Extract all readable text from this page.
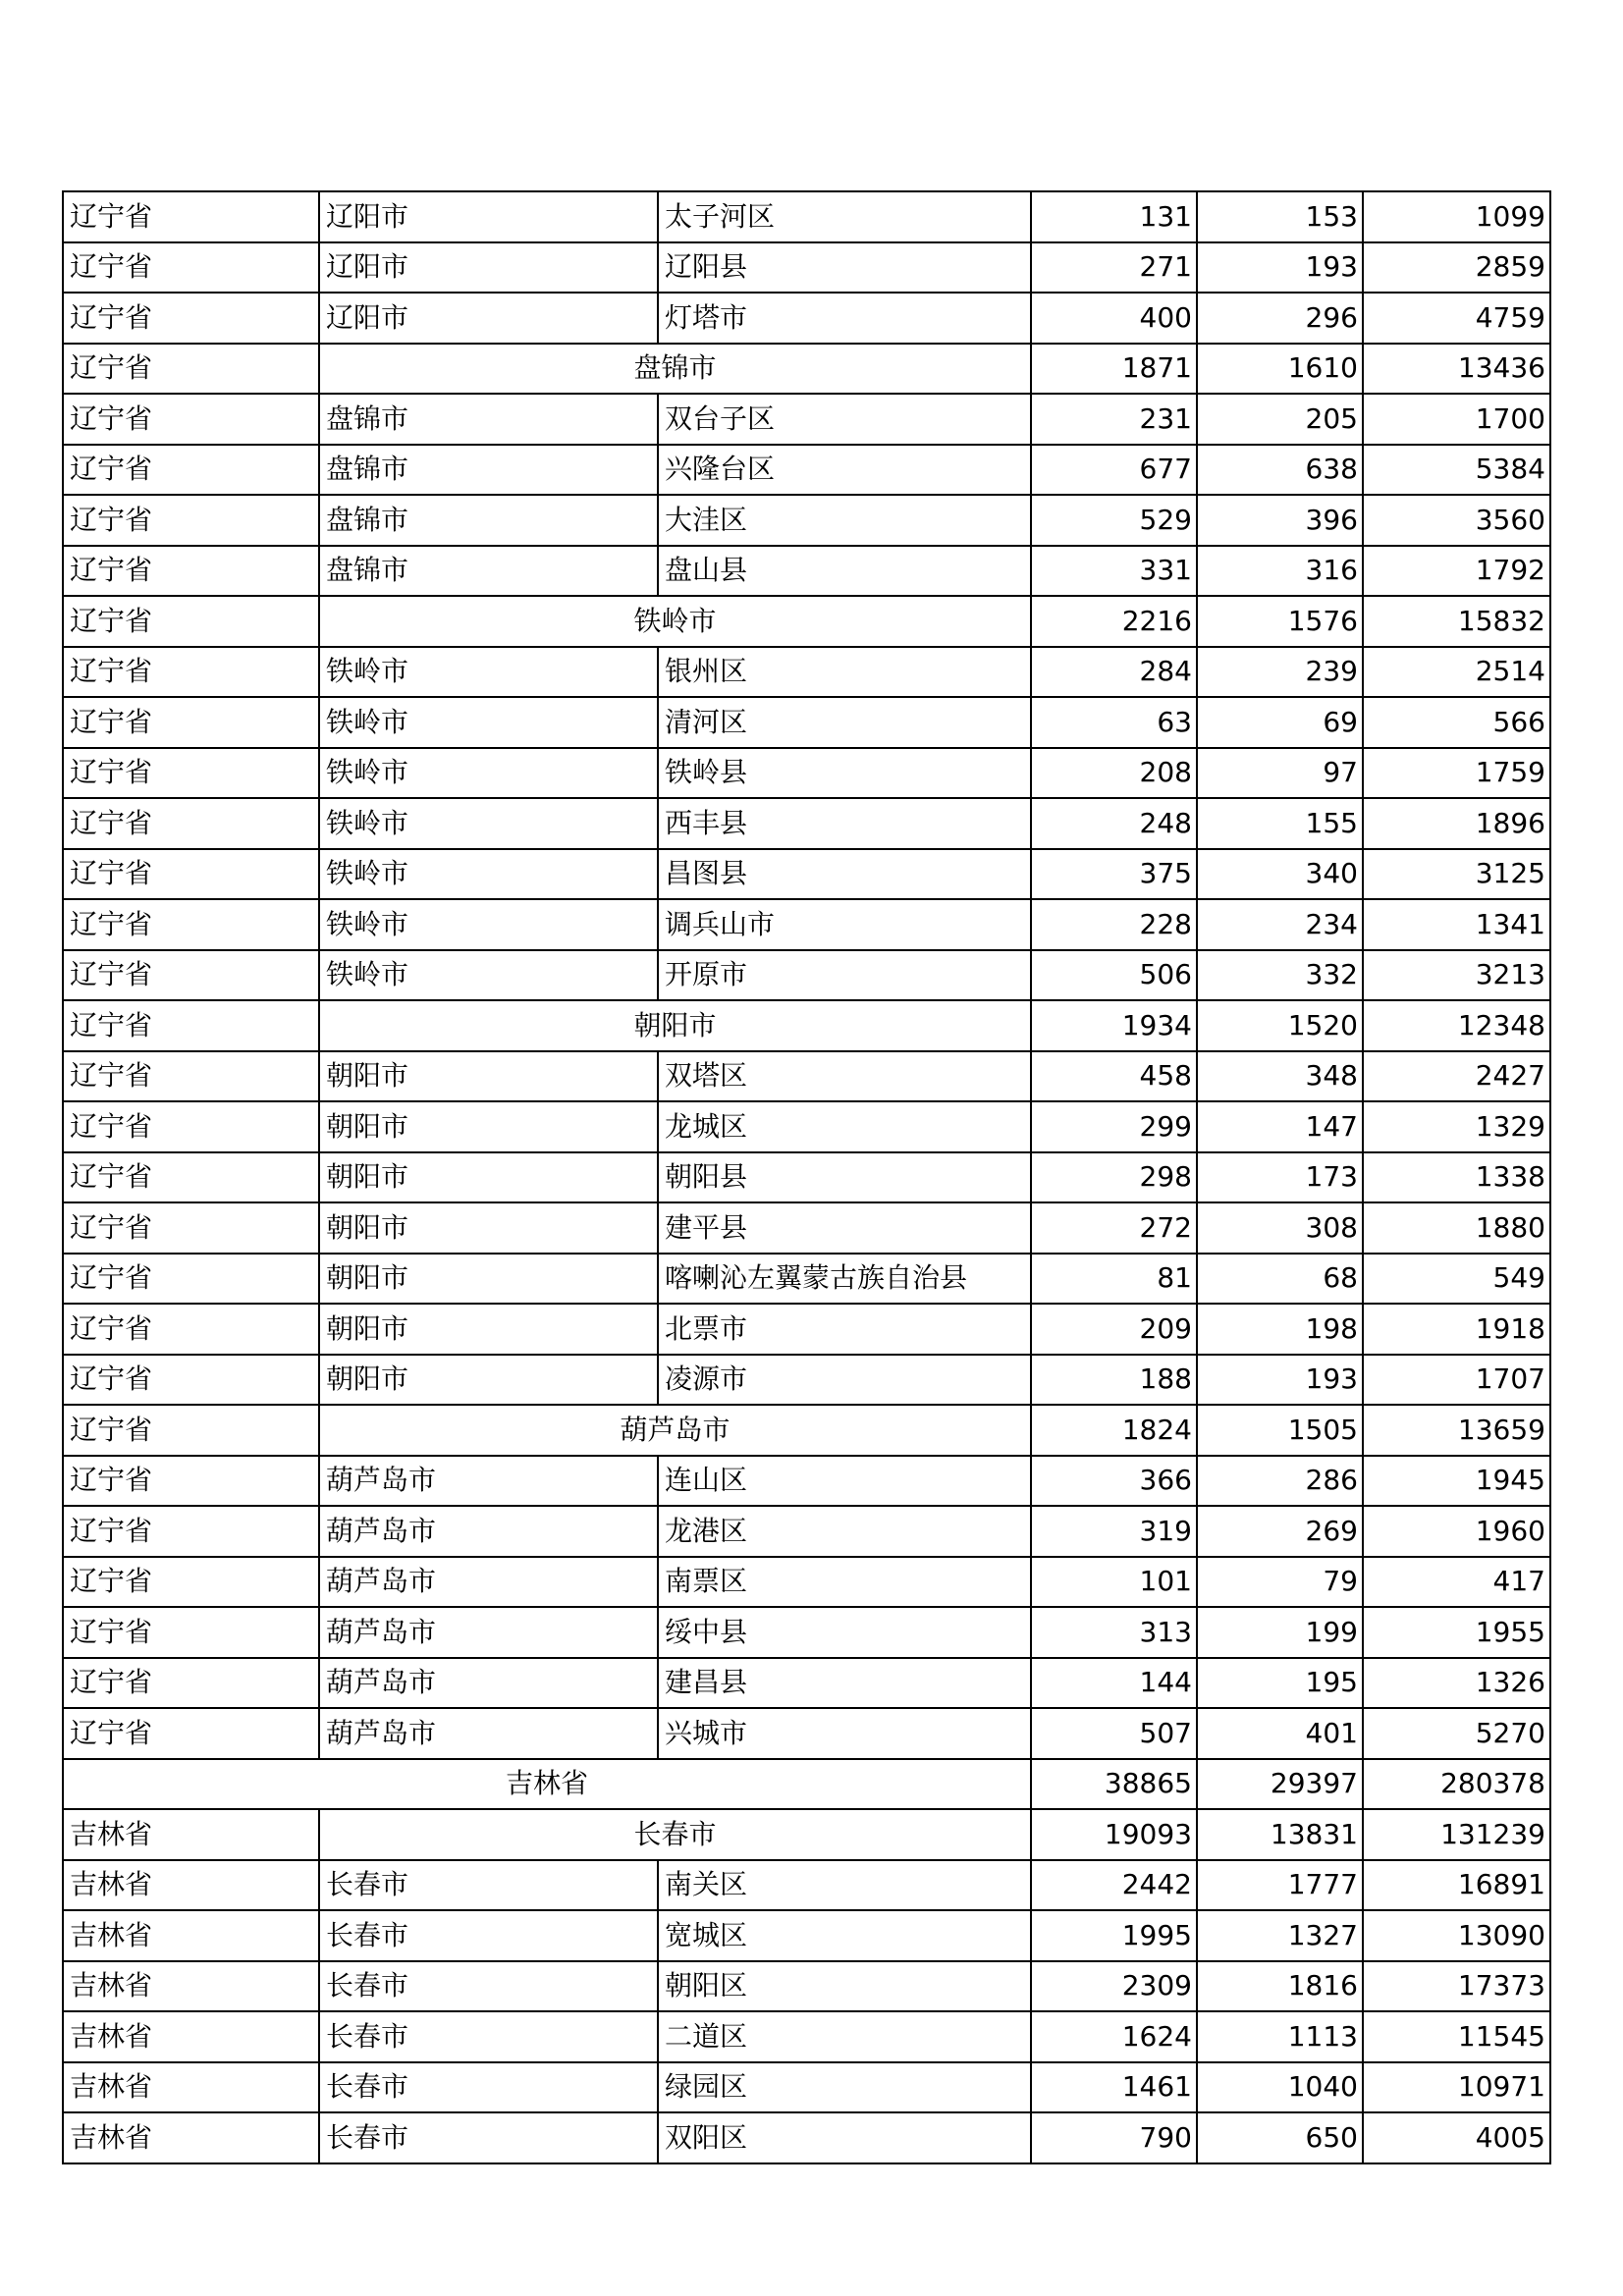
辽宁省	辽阳市	太子河区	131	153	1099
辽宁省	辽阳市	辽阳县	271	193	2859
辽宁省	辽阳市	灯塔市	400	296	4759
辽宁省	盘锦市		1871	1610	13436
辽宁省	盘锦市	双台子区	231	205	1700
辽宁省	盘锦市	兴隆台区	677	638	5384
辽宁省	盘锦市	大洼区	529	396	3560
辽宁省	盘锦市	盘山县	331	316	1792
辽宁省	铁岭市		2216	1576	15832
辽宁省	铁岭市	银州区	284	239	2514
辽宁省	铁岭市	清河区	63	69	566
辽宁省	铁岭市	铁岭县	208	97	1759
辽宁省	铁岭市	西丰县	248	155	1896
辽宁省	铁岭市	昌图县	375	340	3125
辽宁省	铁岭市	调兵山市	228	234	1341
辽宁省	铁岭市	开原市	506	332	3213
辽宁省	朝阳市		1934	1520	12348
辽宁省	朝阳市	双塔区	458	348	2427
辽宁省	朝阳市	龙城区	299	147	1329
辽宁省	朝阳市	朝阳县	298	173	1338
辽宁省	朝阳市	建平县	272	308	1880
辽宁省	朝阳市	喀喇沁左翼蒙古族自治县	81	68	549
辽宁省	朝阳市	北票市	209	198	1918
辽宁省	朝阳市	凌源市	188	193	1707
辽宁省	葫芦岛市		1824	1505	13659
辽宁省	葫芦岛市	连山区	366	286	1945
辽宁省	葫芦岛市	龙港区	319	269	1960
辽宁省	葫芦岛市	南票区	101	79	417
辽宁省	葫芦岛市	绥中县	313	199	1955
辽宁省	葫芦岛市	建昌县	144	195	1326
辽宁省	葫芦岛市	兴城市	507	401	5270
吉林省			38865	29397	280378
吉林省	长春市		19093	13831	131239
吉林省	长春市	南关区	2442	1777	16891
吉林省	长春市	宽城区	1995	1327	13090
吉林省	长春市	朝阳区	2309	1816	17373
吉林省	长春市	二道区	1624	1113	11545
吉林省	长春市	绿园区	1461	1040	10971
吉林省	长春市	双阳区	790	650	4005
